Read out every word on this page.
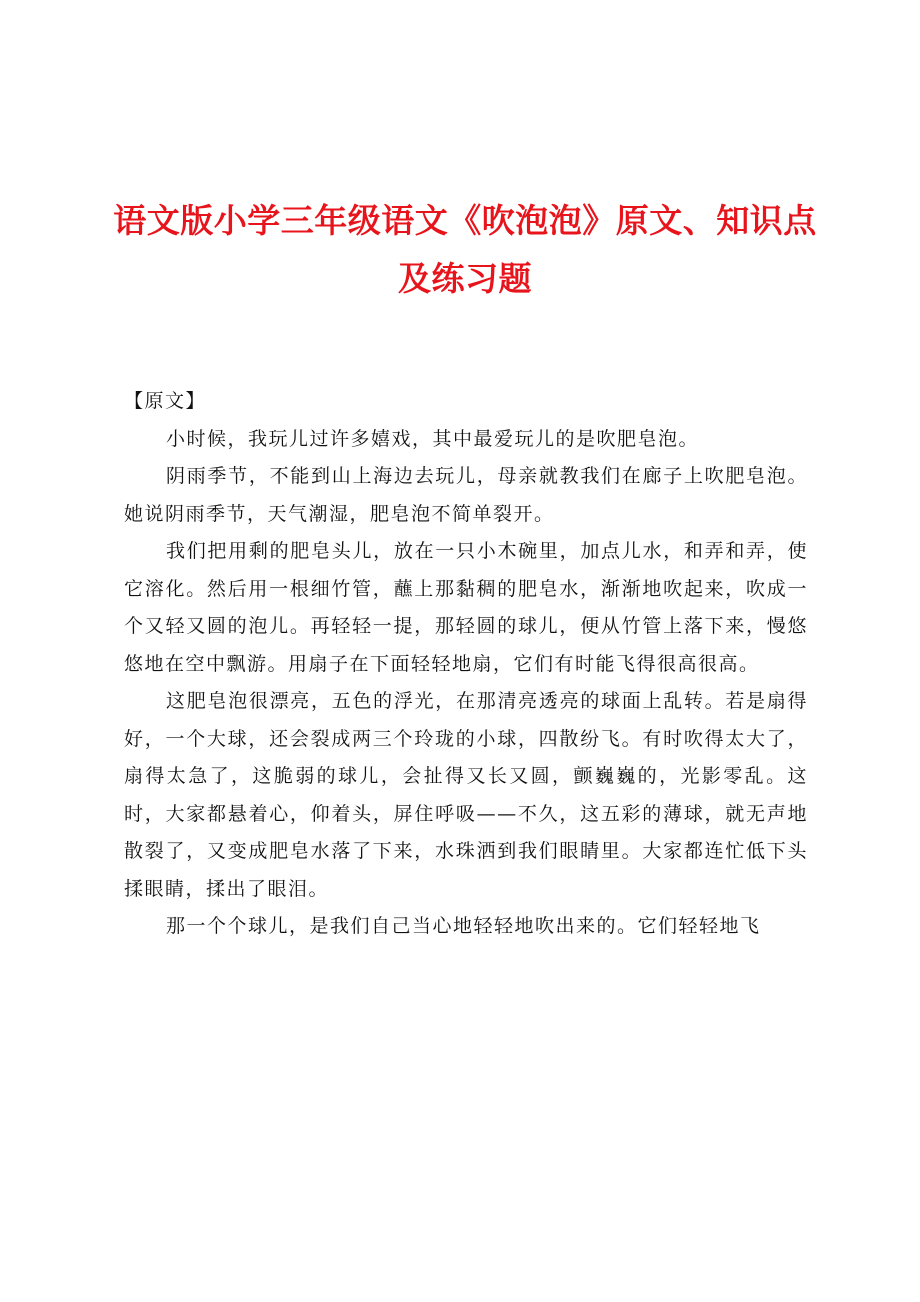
语文版小学三年级语文《吹泡泡》原文、知识点及练习题

【原文】

小时候，我玩儿过许多嬉戏，其中最爱玩儿的是吹肥皂泡。

阴雨季节，不能到山上海边去玩儿，母亲就教我们在廊子上吹肥皂泡。她说阴雨季节，天气潮湿，肥皂泡不简单裂开。

我们把用剩的肥皂头儿，放在一只小木碗里，加点儿水，和弄和弄，使它溶化。然后用一根细竹管，蘸上那黏稠的肥皂水，渐渐地吹起来，吹成一个又轻又圆的泡儿。再轻轻一提，那轻圆的球儿，便从竹管上落下来，慢悠悠地在空中飘游。用扇子在下面轻轻地扇，它们有时能飞得很高很高。

这肥皂泡很漂亮，五色的浮光，在那清亮透亮的球面上乱转。若是扇得好，一个大球，还会裂成两三个玲珑的小球，四散纷飞。有时吹得太大了，扇得太急了，这脆弱的球儿，会扯得又长又圆，颤巍巍的，光影零乱。这时，大家都悬着心，仰着头，屏住呼吸——不久，这五彩的薄球，就无声地散裂了，又变成肥皂水落了下来，水珠洒到我们眼睛里。大家都连忙低下头揉眼睛，揉出了眼泪。

那一个个球儿，是我们自己当心地轻轻地吹出来的。它们轻轻地飞
